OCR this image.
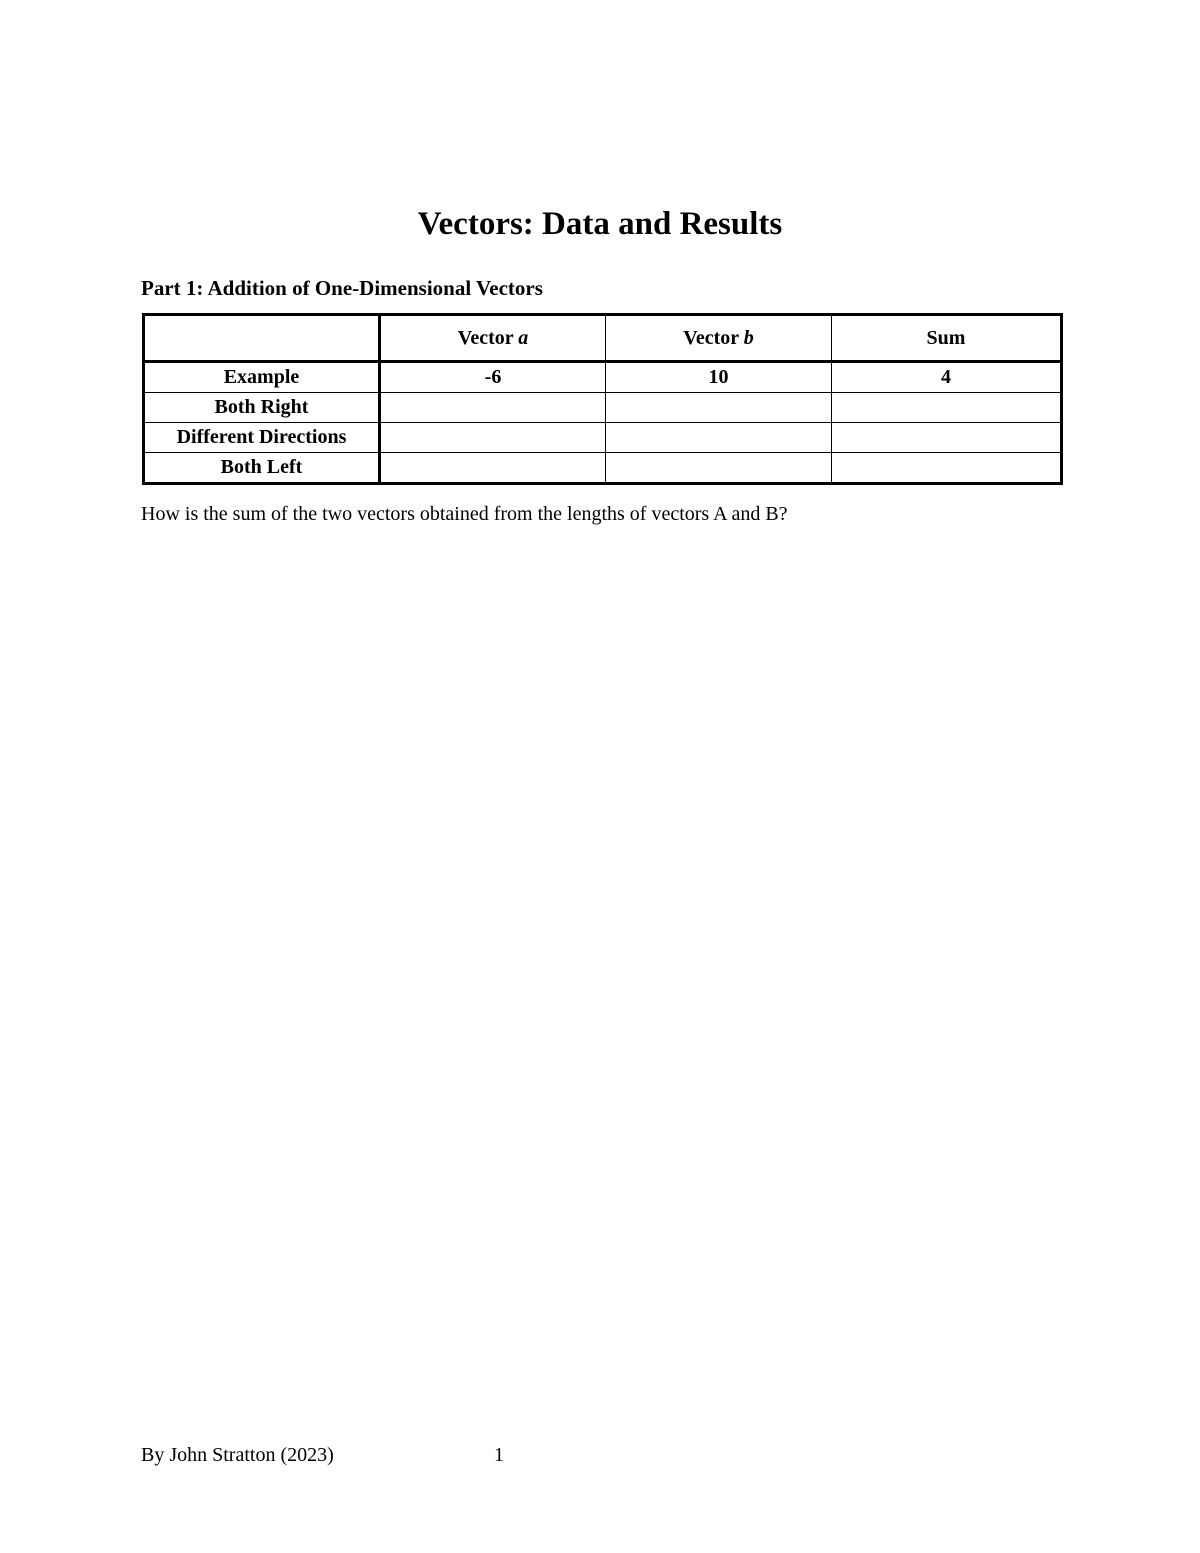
Vectors: Data and Results
Part 1: Addition of One-Dimensional Vectors
	Vector a	Vector b	Sum
Example	-6	10	4
Both Right			
Different Directions			
Both Left			

How is the sum of the two vectors obtained from the lengths of vectors A and B?

By John Stratton (2023)	1
